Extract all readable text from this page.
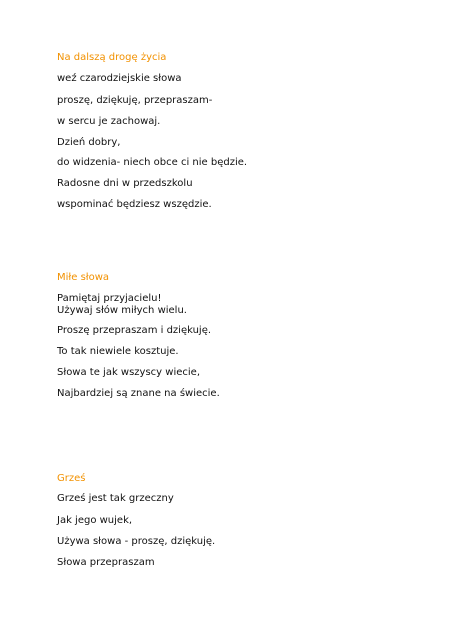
Na dalszą drogę życia

weź czarodziejskie słowa

proszę, dziękuję, przepraszam-

w sercu je zachowaj.

Dzień dobry,

do widzenia- niech obce ci nie będzie.

Radosne dni w przedszkolu

wspominać będziesz wszędzie.

Miłe słowa

Pamiętaj przyjacielu!

Używaj słów miłych wielu.

Proszę przepraszam i dziękuję.

To tak niewiele kosztuje.

Słowa te jak wszyscy wiecie,

Najbardziej są znane na świecie.

Grześ

Grześ jest tak grzeczny

Jak jego wujek,

Używa słowa - proszę, dziękuję.

Słowa przepraszam
